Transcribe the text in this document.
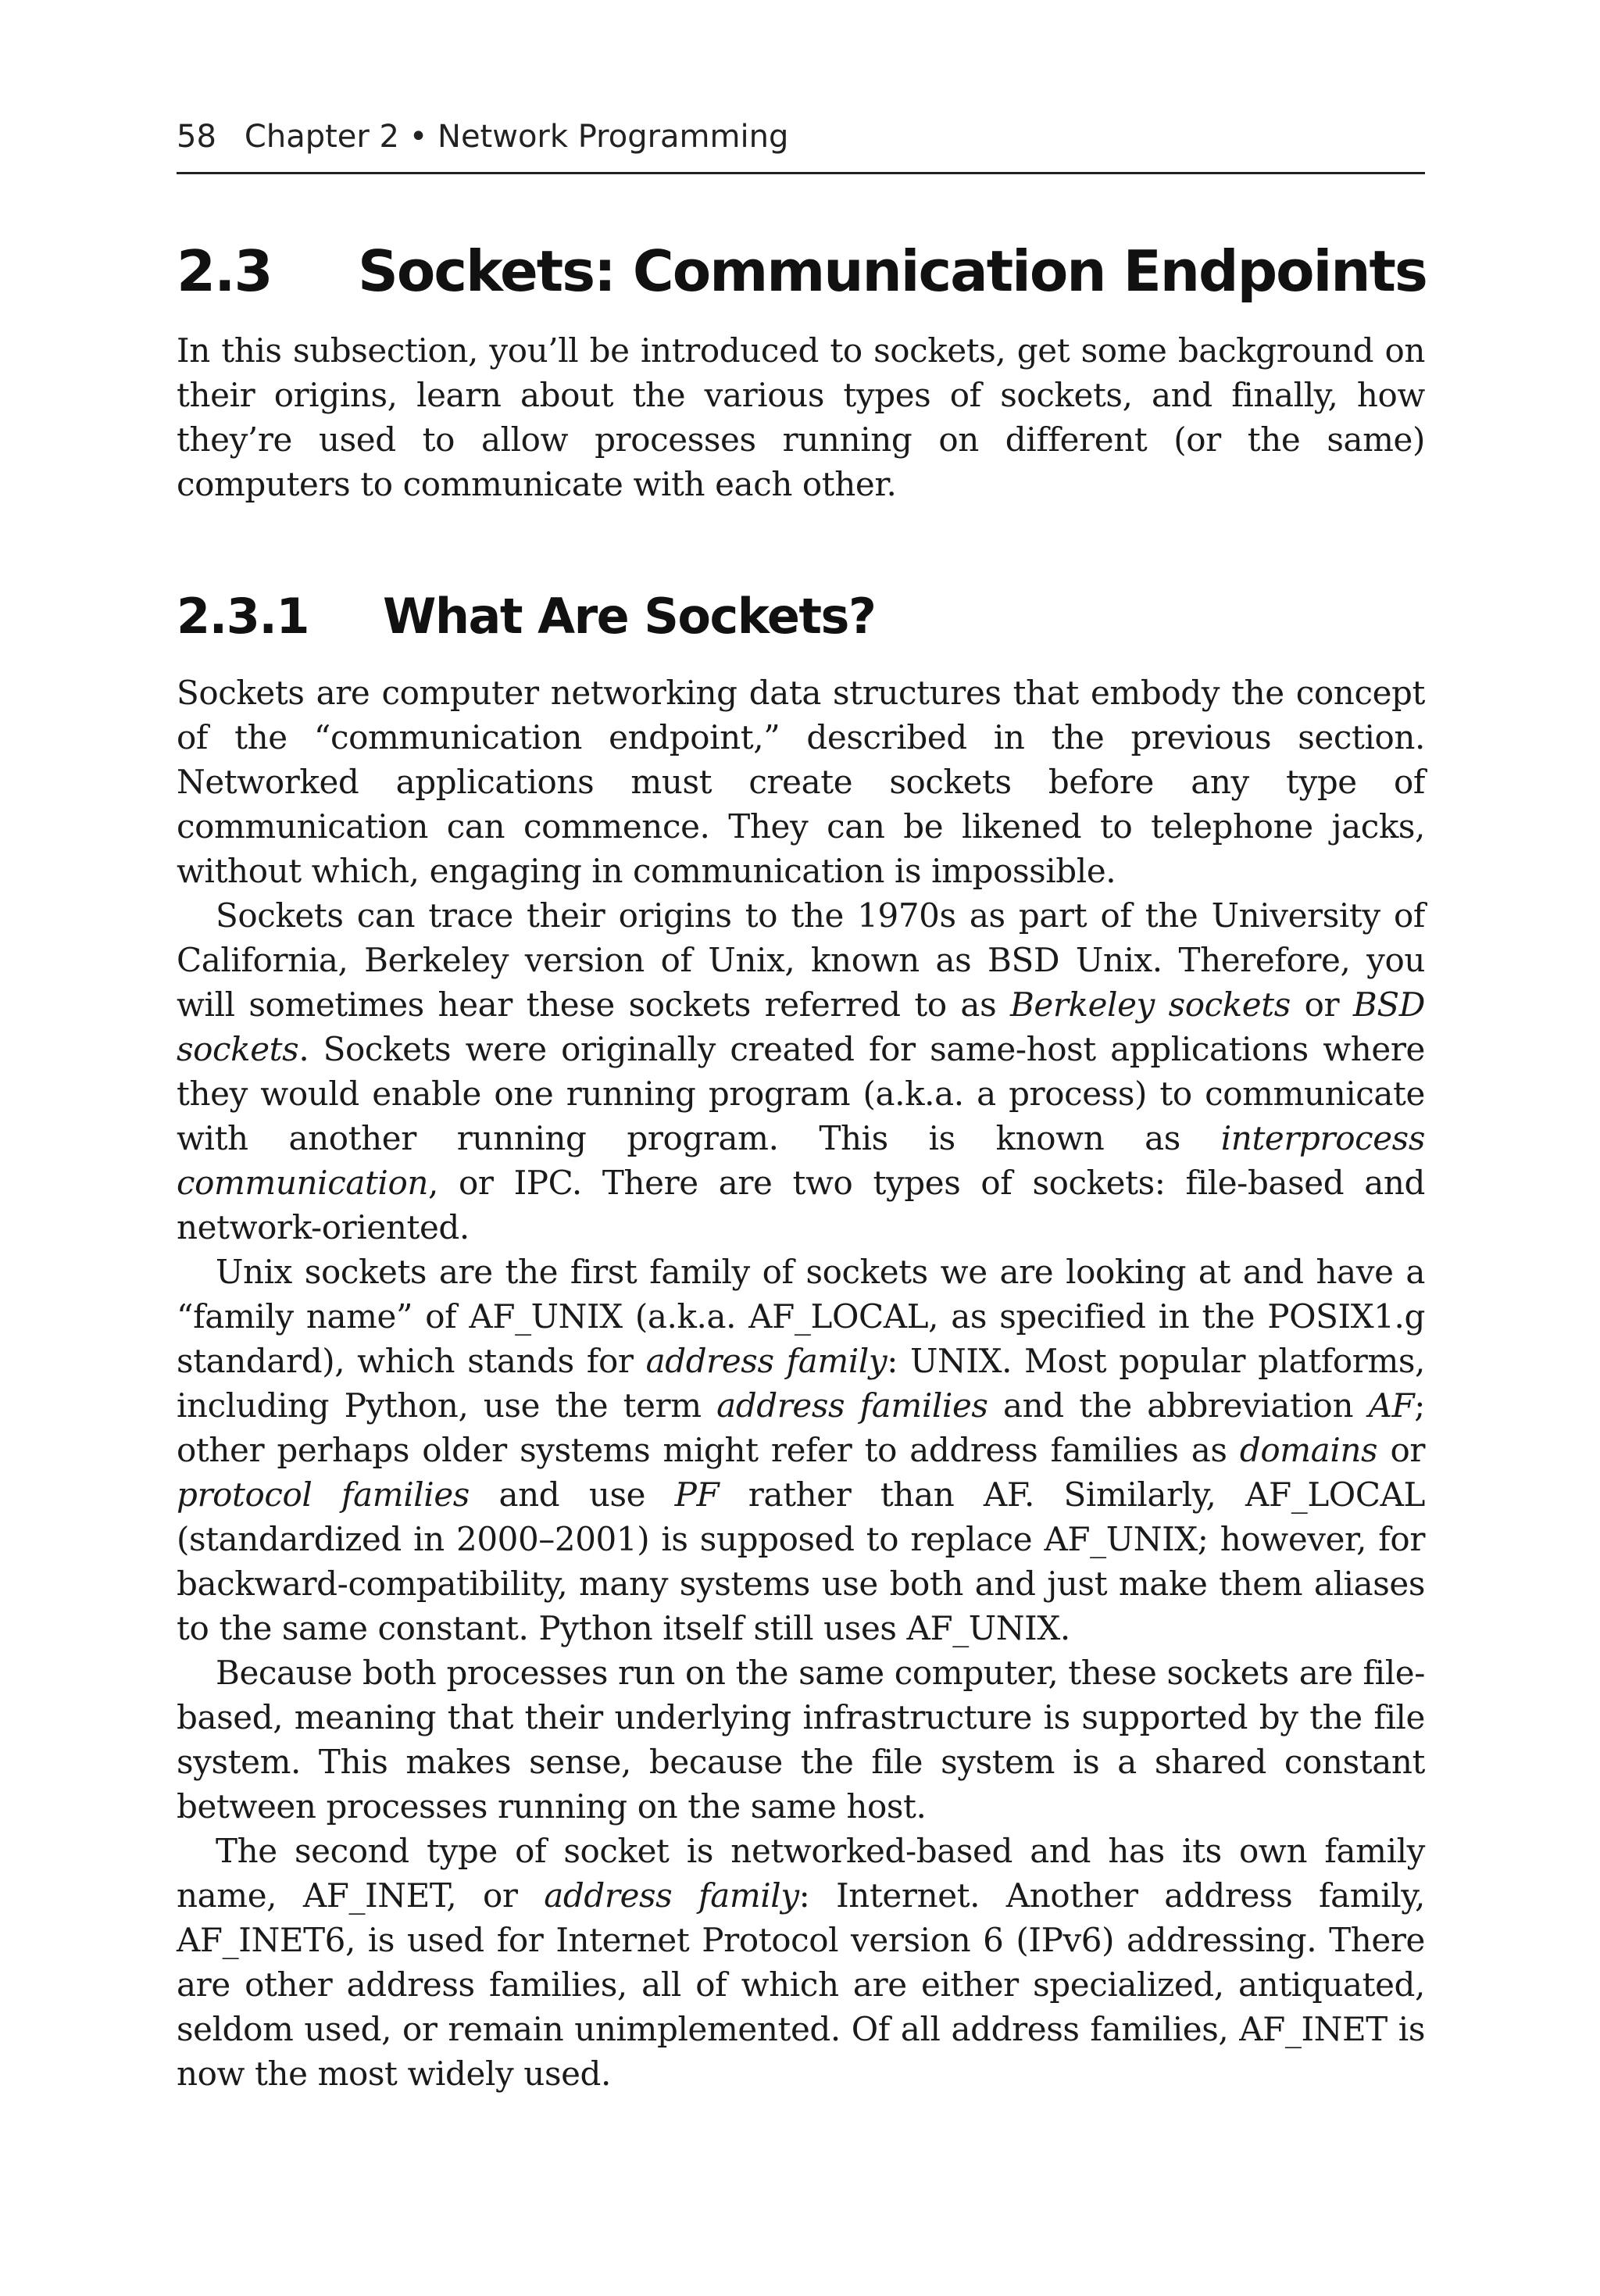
58 Chapter 2 • Network Programming
2.3 Sockets: Communication Endpoints

In this subsection, you’ll be introduced to sockets, get some background on their origins, learn about the various types of sockets, and finally, how they’re used to allow processes running on different (or the same) computers to communicate with each other.

2.3.1 What Are Sockets?

Sockets are computer networking data structures that embody the concept of the “communication endpoint,” described in the previous section. Networked applications must create sockets before any type of communication can commence. They can be likened to telephone jacks, without which, engaging in communication is impossible.

Sockets can trace their origins to the 1970s as part of the University of California, Berkeley version of Unix, known as BSD Unix. Therefore, you will sometimes hear these sockets referred to as Berkeley sockets or BSD sockets. Sockets were originally created for same-host applications where they would enable one running program (a.k.a. a process) to communicate with another running program. This is known as interprocess communication, or IPC. There are two types of sockets: file-based and network-oriented.

Unix sockets are the first family of sockets we are looking at and have a “family name” of AF_UNIX (a.k.a. AF_LOCAL, as specified in the POSIX1.g standard), which stands for address family: UNIX. Most popular platforms, including Python, use the term address families and the abbreviation AF; other perhaps older systems might refer to address families as domains or protocol families and use PF rather than AF. Similarly, AF_LOCAL (standardized in 2000–2001) is supposed to replace AF_UNIX; however, for backward-compatibility, many systems use both and just make them aliases to the same constant. Python itself still uses AF_UNIX.

Because both processes run on the same computer, these sockets are file-based, meaning that their underlying infrastructure is supported by the file system. This makes sense, because the file system is a shared constant between processes running on the same host.

The second type of socket is networked-based and has its own family name, AF_INET, or address family: Internet. Another address family, AF_INET6, is used for Internet Protocol version 6 (IPv6) addressing. There are other address families, all of which are either specialized, antiquated, seldom used, or remain unimplemented. Of all address families, AF_INET is now the most widely used.
